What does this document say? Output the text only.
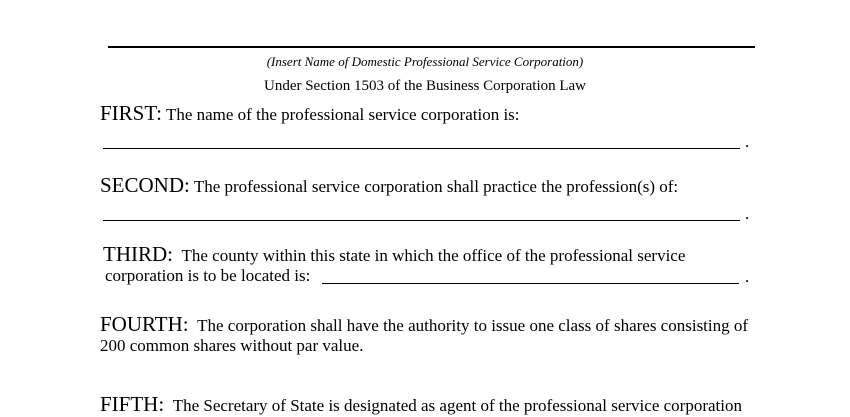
(Insert Name of Domestic Professional Service Corporation)
Under Section 1503 of the Business Corporation Law
FIRST: The name of the professional service corporation is:
.
SECOND: The professional service corporation shall practice the profession(s) of:
.
THIRD: The county within this state in which the office of the professional service
corporation is to be located is:	.
FOURTH: The corporation shall have the authority to issue one class of shares consisting of
200 common shares without par value.
FIFTH: The Secretary of State is designated as agent of the professional service corporation
